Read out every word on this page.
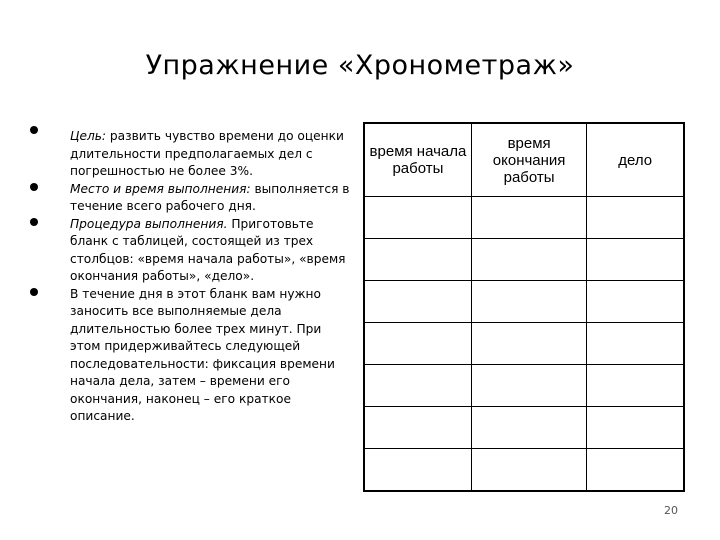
Упражнение «Хронометраж»
Цель: развить чувство времени до оценки длительности предполагаемых дел с погрешностью не более 3%.
Место и время выполнения: выполняется в течение всего рабочего дня.
Процедура выполнения. Приготовьте бланк с таблицей, состоящей из трех столбцов: «время начала работы», «время окончания работы», «дело».
В течение дня в этот бланк вам нужно заносить все выполняемые дела длительностью более трех минут. При этом придерживайтесь следующей последовательности: фиксация времени начала дела, затем – времени его окончания, наконец – его краткое описание.
время начала работы	время окончания работы	дело

20
